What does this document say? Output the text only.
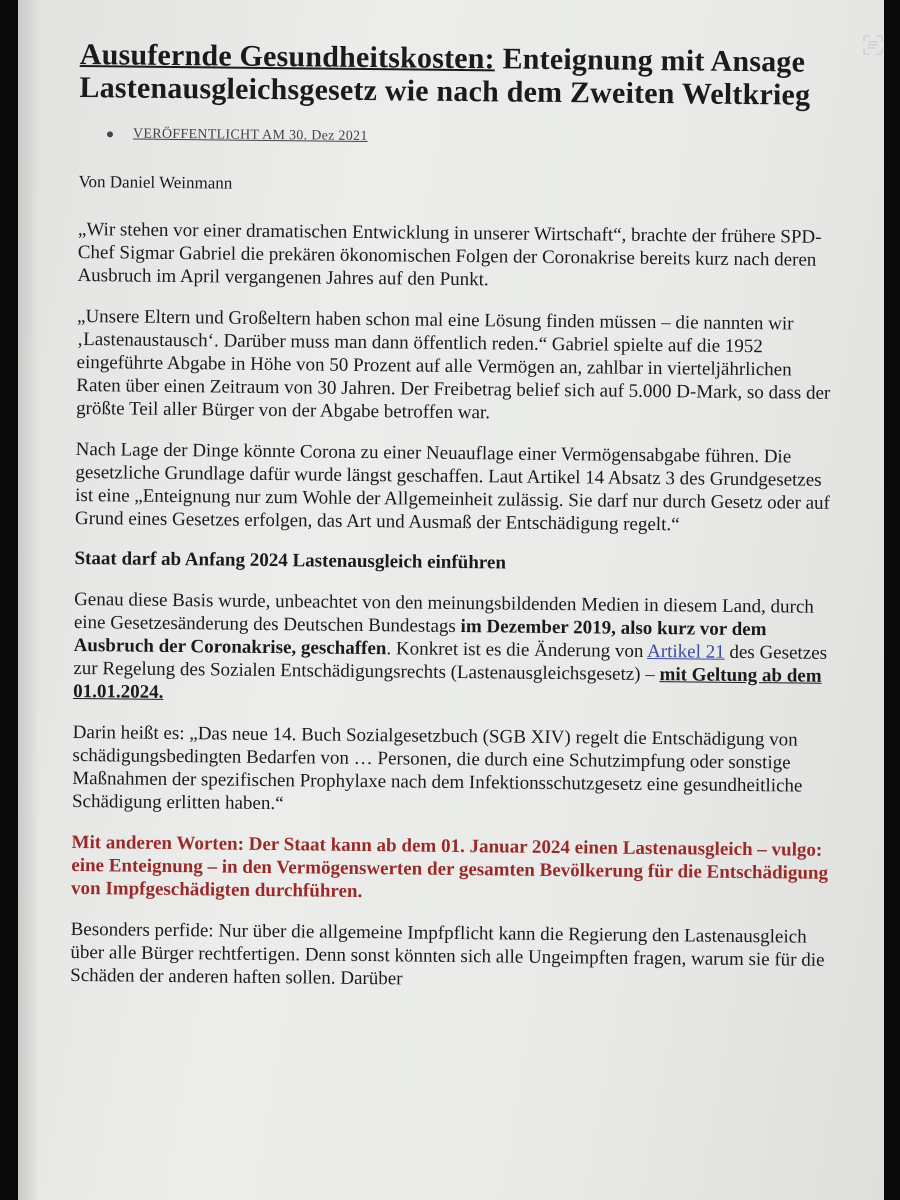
Ausufernde Gesundheitskosten: Enteignung mit Ansage Lastenausgleichsgesetz wie nach dem Zweiten Weltkrieg
VERÖFFENTLICHT AM 30. Dez 2021
Von Daniel Weinmann

„Wir stehen vor einer dramatischen Entwicklung in unserer Wirtschaft“, brachte der frühere SPD-Chef Sigmar Gabriel die prekären ökonomischen Folgen der Coronakrise bereits kurz nach deren Ausbruch im April vergangenen Jahres auf den Punkt.

„Unsere Eltern und Großeltern haben schon mal eine Lösung finden müssen – die nannten wir ‚Lastenaustausch‘. Darüber muss man dann öffentlich reden.“ Gabriel spielte auf die 1952 eingeführte Abgabe in Höhe von 50 Prozent auf alle Vermögen an, zahlbar in vierteljährlichen Raten über einen Zeitraum von 30 Jahren. Der Freibetrag belief sich auf 5.000 D-Mark, so dass der größte Teil aller Bürger von der Abgabe betroffen war.

Nach Lage der Dinge könnte Corona zu einer Neuauflage einer Vermögensabgabe führen. Die gesetzliche Grundlage dafür wurde längst geschaffen. Laut Artikel 14 Absatz 3 des Grundgesetzes ist eine „Enteignung nur zum Wohle der Allgemeinheit zulässig. Sie darf nur durch Gesetz oder auf Grund eines Gesetzes erfolgen, das Art und Ausmaß der Entschädigung regelt.“

Staat darf ab Anfang 2024 Lastenausgleich einführen

Genau diese Basis wurde, unbeachtet von den meinungsbildenden Medien in diesem Land, durch eine Gesetzesänderung des Deutschen Bundestags im Dezember 2019, also kurz vor dem Ausbruch der Coronakrise, geschaffen. Konkret ist es die Änderung von Artikel 21 des Gesetzes zur Regelung des Sozialen Entschädigungsrechts (Lastenausgleichsgesetz) – mit Geltung ab dem 01.01.2024.

Darin heißt es: „Das neue 14. Buch Sozialgesetzbuch (SGB XIV) regelt die Entschädigung von schädigungsbedingten Bedarfen von … Personen, die durch eine Schutzimpfung oder sonstige Maßnahmen der spezifischen Prophylaxe nach dem Infektionsschutzgesetz eine gesundheitliche Schädigung erlitten haben.“

Mit anderen Worten: Der Staat kann ab dem 01. Januar 2024 einen Lastenausgleich – vulgo: eine Enteignung – in den Vermögenswerten der gesamten Bevölkerung für die Entschädigung von Impfgeschädigten durchführen.

Besonders perfide: Nur über die allgemeine Impfpflicht kann die Regierung den Lastenausgleich über alle Bürger rechtfertigen. Denn sonst könnten sich alle Ungeimpften fragen, warum sie für die Schäden der anderen haften sollen. Darüber
